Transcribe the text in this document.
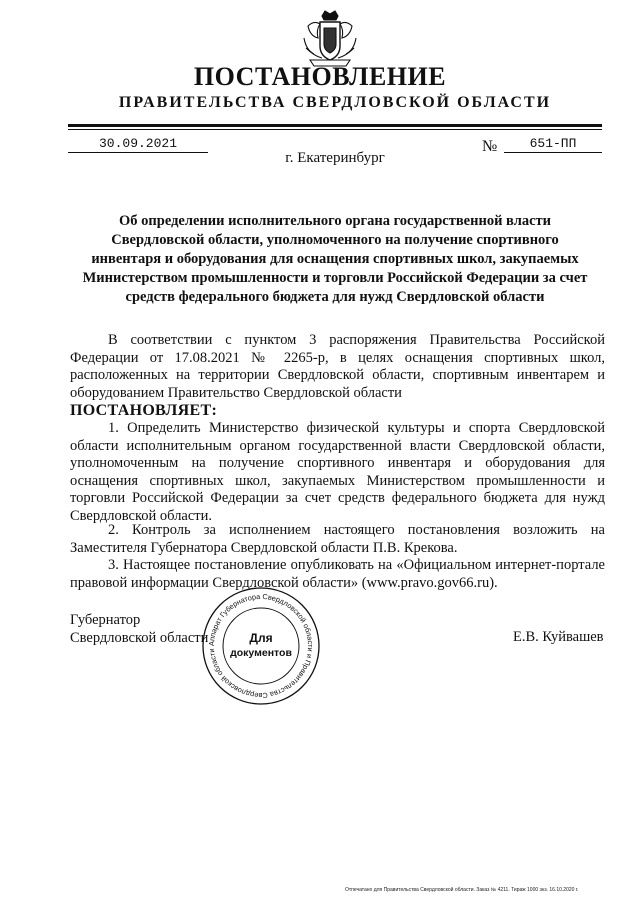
ПОСТАНОВЛЕНИЕ
ПРАВИТЕЛЬСТВА СВЕРДЛОВСКОЙ ОБЛАСТИ
30.09.2021	№	651-ПП
г. Екатеринбург
Об определении исполнительного органа государственной власти Свердловской области, уполномоченного на получение спортивного инвентаря и оборудования для оснащения спортивных школ, закупаемых Министерством промышленности и торговли Российской Федерации за счет средств федерального бюджета для нужд Свердловской области
В соответствии с пунктом 3 распоряжения Правительства Российской Федерации от 17.08.2021 № 2265-р, в целях оснащения спортивных школ, расположенных на территории Свердловской области, спортивным инвентарем и оборудованием Правительство Свердловской области
ПОСТАНОВЛЯЕТ:
1. Определить Министерство физической культуры и спорта Свердловской области исполнительным органом государственной власти Свердловской области, уполномоченным на получение спортивного инвентаря и оборудования для оснащения спортивных школ, закупаемых Министерством промышленности и торговли Российской Федерации за счет средств федерального бюджета для нужд Свердловской области.
2. Контроль за исполнением настоящего постановления возложить на Заместителя Губернатора Свердловской области П.В. Крекова.
3. Настоящее постановление опубликовать на «Официальном интернет-портале правовой информации Свердловской области» (www.pravo.gov66.ru).
Губернатор
Свердловской области	Е.В. Куйвашев
Аппарат Губернатора Свердловской области и Правительства Свердловской области
Для
документов
Отпечатано для Правительства Свердловской области. Заказ № 4211. Тираж 1000 экз. 16.10.2020 г.
